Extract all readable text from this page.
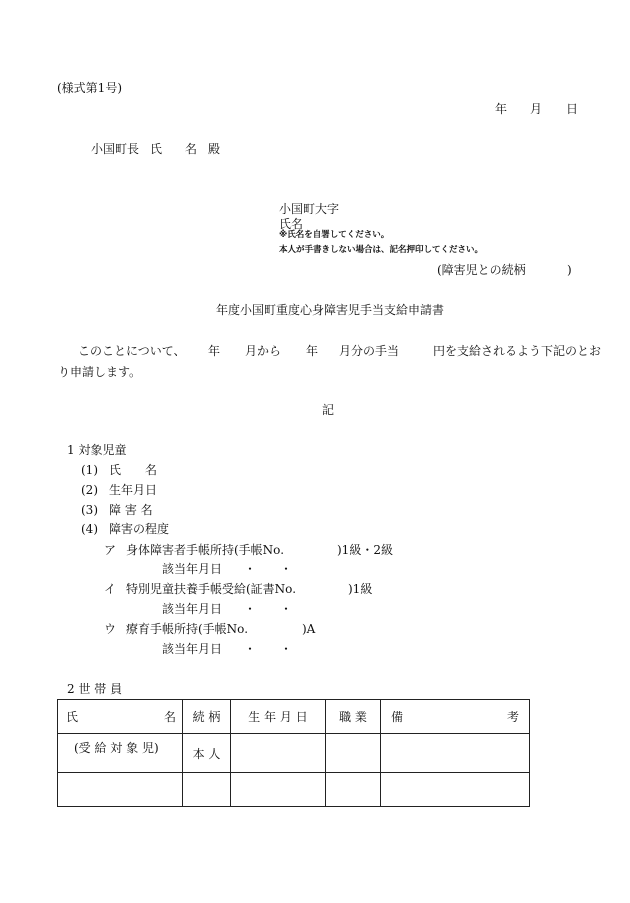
(様式第1号)
年 月 日
小国町長 氏 名 殿
小国町大字
氏名
※氏名を自署してください。
本人が手書きしない場合は、記名押印してください。
(障害児との続柄	)
年度小国町重度心身障害児手当支給申請書
このことについて、 年 月から 年 月分の手当	円を支給されるよう下記のとお
り申請します。
記
1 対象児童
(1) 氏 名
(2) 生年月日
(3) 障 害 名
(4) 障害の程度
ア 身体障害者手帳所持(手帳No.	)1級・2級
該当年月日 ・ ・
イ 特別児童扶養手帳受給(証書No.	)1級
該当年月日 ・ ・
ウ 療育手帳所持(手帳No.	)A
該当年月日 ・ ・
2 世 帯 員
氏 名	続 柄	生 年 月 日	職 業	備 考

(受 給 対 象 児)	本 人			
